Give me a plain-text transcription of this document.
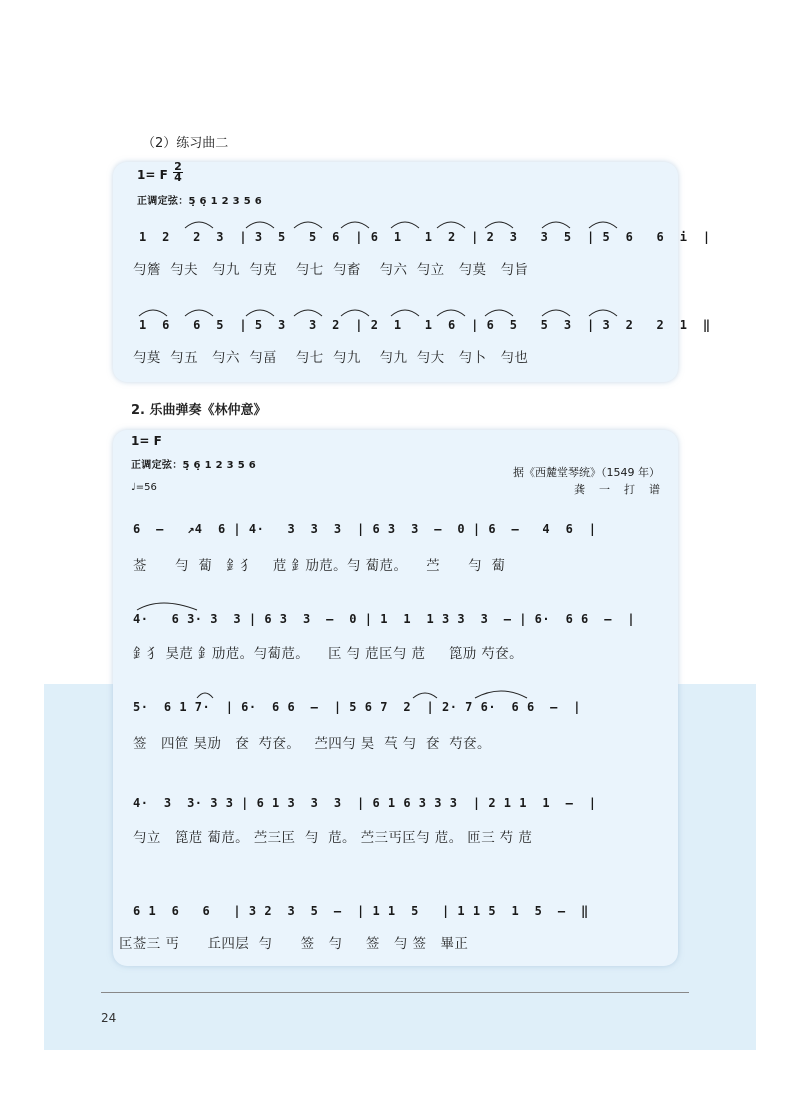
（2）练习曲二
1= F
2
4
正调定弦：5̣ 6̣ 1 2 3 5 6
1  2   2  3  | 3  5   5  6  | 6  1   1  2  | 2  3   3  5  | 5  6   6  i  |
勻簷  勻夫   勻九  勻克    勻七  勻畜    勻六  勻立   勻莫   勻旨
1  6   6  5  | 5  3   3  2  | 2  1   1  6  | 6  5   5  3  | 3  2   2  1  ‖
勻莫  勻五   勻六  勻畐    勻七  勻九    勻九  勻大   勻卜   勻也
2. 乐曲弹奏《林仲意》
1= F
正调定弦：5̣ 6̣ 1 2 3 5 6
♩=56
据《西麓堂琴统》（1549 年）
龚    一    打    谱
6  –   ↗4  6 | 4·   3  3  3  | 6 3  3  –  0 | 6  –   4  6  |
莶      勻  蔔   釒犭    苊 釒劢苊。勻 蔔苊。    苎      勻  蔔
4·   6 3· 3  3 | 6 3  3  –  0 | 1  1  1 3 3  3  – | 6·  6 6  –  |
釒犭 昊苊 釒劢苊。勻蔔苊。    匞 勻 苊匞勻 苊     箆劢 芍奁。
5·  6 1 7·  | 6·  6 6  –  | 5 6 7  2  | 2· 7 6·  6 6  –  |
签   四笸 昊劢   奁  芍奁。   苎四勻 昊  芞 勻  奁  芍奁。
4·  3  3· 3 3 | 6 1 3  3  3  | 6 1 6 3 3 3  | 2 1 1  1  –  |
勻立   箆苊 蔔苊。 苎三匞  勻  苊。 苎三丐匞勻 苊。 匝三 芍 苊
6 1  6   6   | 3 2  3  5  –  | 1 1  5   | 1 1 5  1  5  –  ‖
匞莶三 丐      丘四层  勻      签   勻     签   勻 签   畢正
24
